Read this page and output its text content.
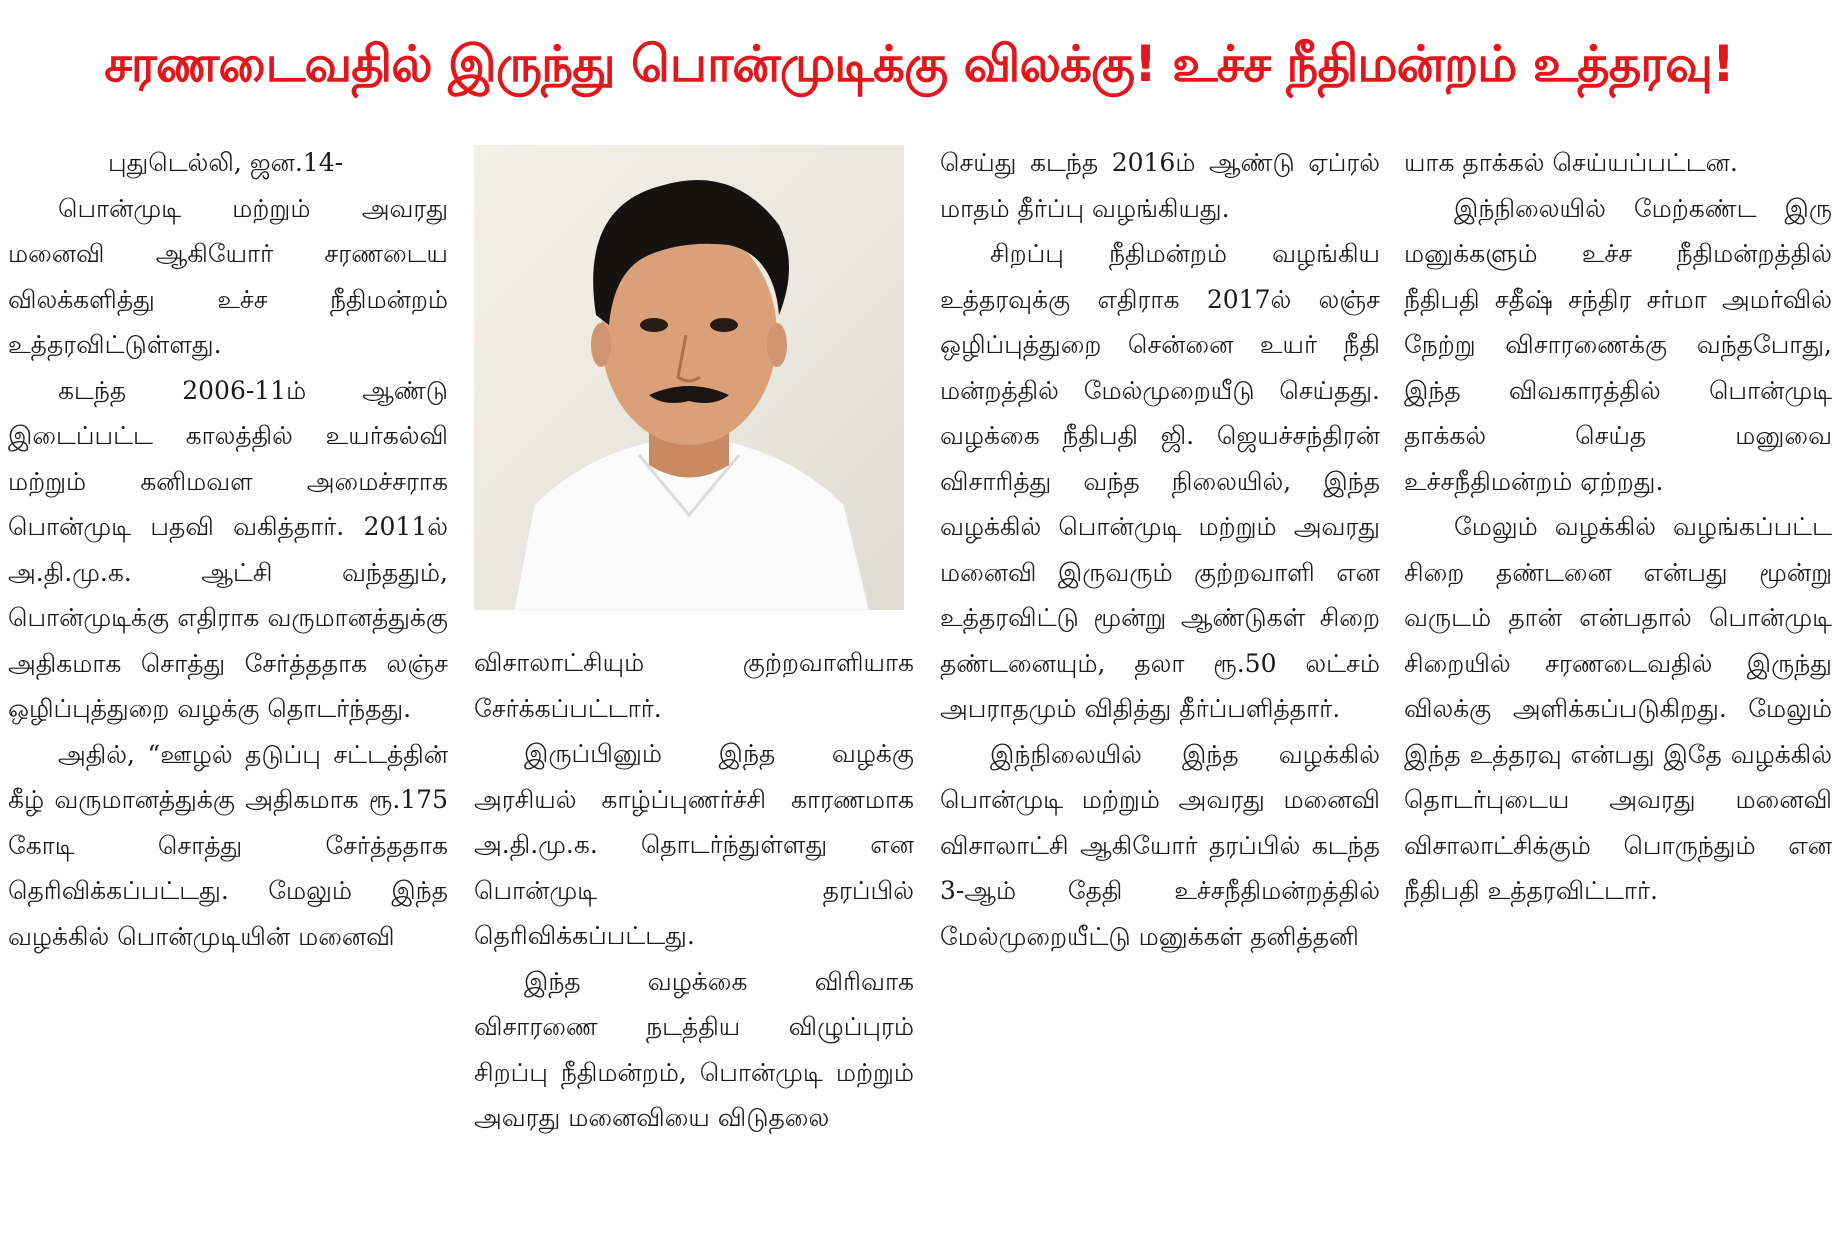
சரணடைவதில் இருந்து பொன்முடிக்கு விலக்கு! உச்ச நீதிமன்றம் உத்தரவு!

புதுடெல்லி, ஜன.14-

பொன்முடி மற்றும் அவரது மனைவி ஆகியோர் சரணடைய விலக்களித்து உச்ச நீதிமன்றம் உத்தரவிட்டுள்ளது.

கடந்த 2006-11ம் ஆண்டு இடைப்பட்ட காலத்தில் உயர்கல்வி மற்றும் கனிமவள அமைச்சராக பொன்முடி பதவி வகித்தார். 2011ல் அ.தி.மு.க. ஆட்சி வந்ததும், பொன்முடிக்கு எதிராக வருமானத்துக்கு அதிகமாக சொத்து சேர்த்ததாக லஞ்ச ஒழிப்புத்துறை வழக்கு தொடர்ந்தது.

அதில், “ஊழல் தடுப்பு சட்டத்தின் கீழ் வருமானத்துக்கு அதிகமாக ரூ.175 கோடி சொத்து சேர்த்ததாக தெரிவிக்கப்பட்டது. மேலும் இந்த வழக்கில் பொன்முடியின் மனைவி

விசாலாட்சியும் குற்றவாளியாக சேர்க்கப்பட்டார்.

இருப்பினும் இந்த வழக்கு அரசியல் காழ்ப்புணர்ச்சி காரணமாக அ.தி.மு.க. தொடர்ந்துள்ளது என பொன்முடி தரப்பில் தெரிவிக்கப்பட்டது.

இந்த வழக்கை விரிவாக விசாரணை நடத்திய விழுப்புரம் சிறப்பு நீதிமன்றம், பொன்முடி மற்றும் அவரது மனைவியை விடுதலை

செய்து கடந்த 2016ம் ஆண்டு ஏப்ரல் மாதம் தீர்ப்பு வழங்கியது.

சிறப்பு நீதிமன்றம் வழங்கிய உத்தரவுக்கு எதிராக 2017ல் லஞ்ச ஒழிப்புத்துறை சென்னை உயர் நீதி மன்றத்தில் மேல்முறையீடு செய்தது. வழக்கை நீதிபதி ஜி. ஜெயச்சந்திரன் விசாரித்து வந்த நிலையில், இந்த வழக்கில் பொன்முடி மற்றும் அவரது மனைவி இருவரும் குற்றவாளி என உத்தரவிட்டு மூன்று ஆண்டுகள் சிறை தண்டனையும், தலா ரூ.50 லட்சம் அபராதமும் விதித்து தீர்ப்பளித்தார்.

இந்நிலையில் இந்த வழக்கில் பொன்முடி மற்றும் அவரது மனைவி விசாலாட்சி ஆகியோர் தரப்பில் கடந்த 3-ஆம் தேதி உச்சநீதிமன்றத்தில் மேல்முறையீட்டு மனுக்கள் தனித்தனி

யாக தாக்கல் செய்யப்பட்டன.

இந்நிலையில் மேற்கண்ட இரு மனுக்களும் உச்ச நீதிமன்றத்தில் நீதிபதி சதீஷ் சந்திர சர்மா அமர்வில் நேற்று விசாரணைக்கு வந்தபோது, இந்த விவகாரத்தில் பொன்முடி தாக்கல் செய்த மனுவை உச்சநீதிமன்றம் ஏற்றது.

மேலும் வழக்கில் வழங்கப்பட்ட சிறை தண்டனை என்பது மூன்று வருடம் தான் என்பதால் பொன்முடி சிறையில் சரணடைவதில் இருந்து விலக்கு அளிக்கப்படுகிறது. மேலும் இந்த உத்தரவு என்பது இதே வழக்கில் தொடர்புடைய அவரது மனைவி விசாலாட்சிக்கும் பொருந்தும் என நீதிபதி உத்தரவிட்டார்.
